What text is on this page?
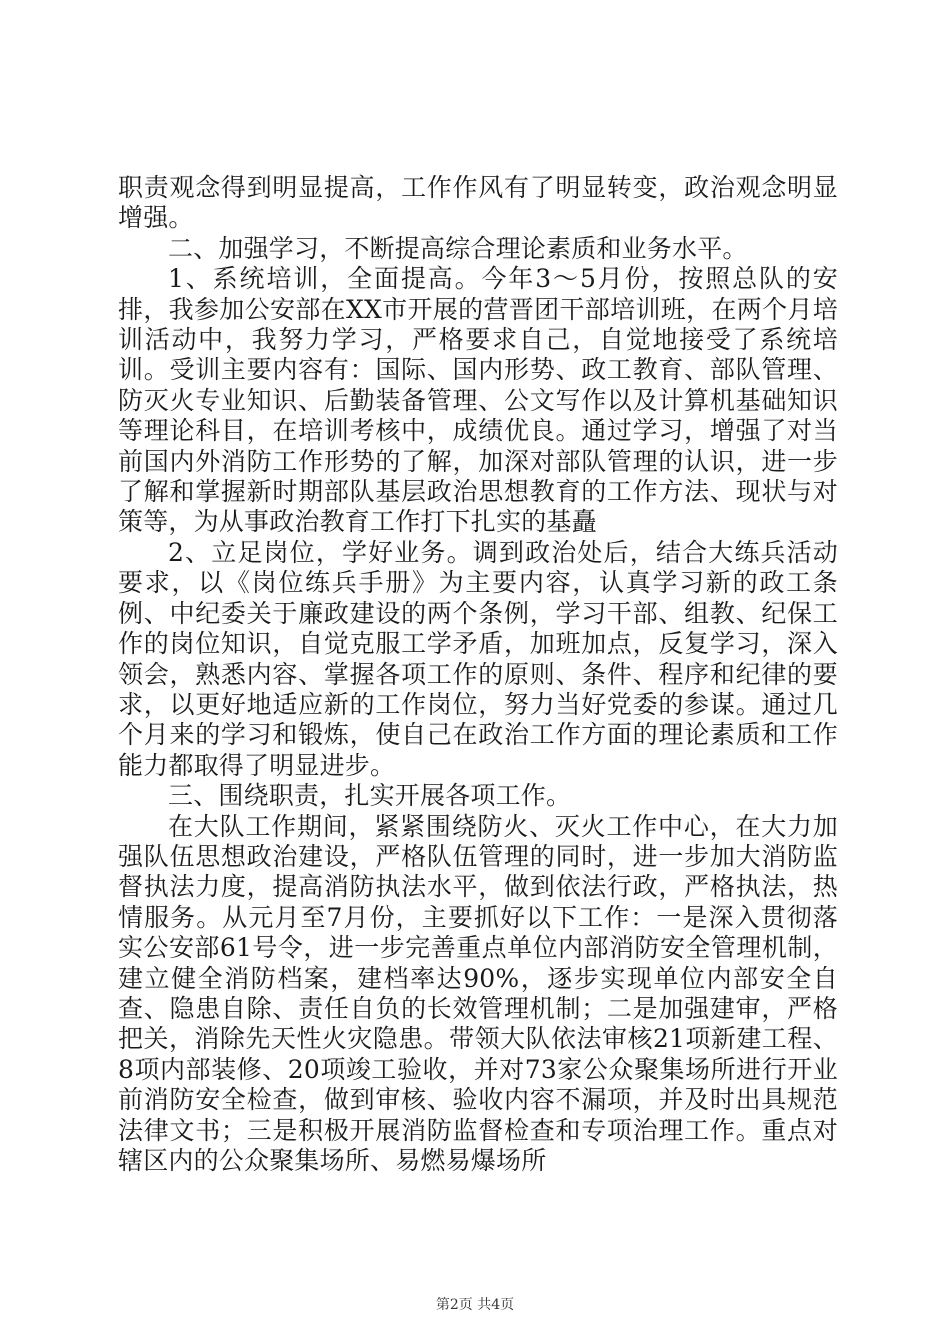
职责观念得到明显提高，工作作风有了明显转变，政治观念明显增强。

二、加强学习，不断提高综合理论素质和业务水平。

1、系统培训，全面提高。今年3～5月份，按照总队的安排，我参加公安部在XX市开展的营晋团干部培训班，在两个月培训活动中，我努力学习，严格要求自己，自觉地接受了系统培训。受训主要内容有：国际、国内形势、政工教育、部队管理、防灭火专业知识、后勤装备管理、公文写作以及计算机基础知识等理论科目，在培训考核中，成绩优良。通过学习，增强了对当前国内外消防工作形势的了解，加深对部队管理的认识，进一步了解和掌握新时期部队基层政治思想教育的工作方法、现状与对策等，为从事政治教育工作打下扎实的基矗

2、立足岗位，学好业务。调到政治处后，结合大练兵活动要求，以《岗位练兵手册》为主要内容，认真学习新的政工条例、中纪委关于廉政建设的两个条例，学习干部、组教、纪保工作的岗位知识，自觉克服工学矛盾，加班加点，反复学习，深入领会，熟悉内容、掌握各项工作的原则、条件、程序和纪律的要求，以更好地适应新的工作岗位，努力当好党委的参谋。通过几个月来的学习和锻炼，使自己在政治工作方面的理论素质和工作能力都取得了明显进步。

三、围绕职责，扎实开展各项工作。

在大队工作期间，紧紧围绕防火、灭火工作中心，在大力加强队伍思想政治建设，严格队伍管理的同时，进一步加大消防监督执法力度，提高消防执法水平，做到依法行政，严格执法，热情服务。从元月至7月份，主要抓好以下工作：一是深入贯彻落实公安部61号令，进一步完善重点单位内部消防安全管理机制，建立健全消防档案，建档率达90%，逐步实现单位内部安全自查、隐患自除、责任自负的长效管理机制；二是加强建审，严格把关，消除先天性火灾隐患。带领大队依法审核21项新建工程、8项内部装修、20项竣工验收，并对73家公众聚集场所进行开业前消防安全检查，做到审核、验收内容不漏项，并及时出具规范法律文书；三是积极开展消防监督检查和专项治理工作。重点对辖区内的公众聚集场所、易燃易爆场所

第2页 共4页
